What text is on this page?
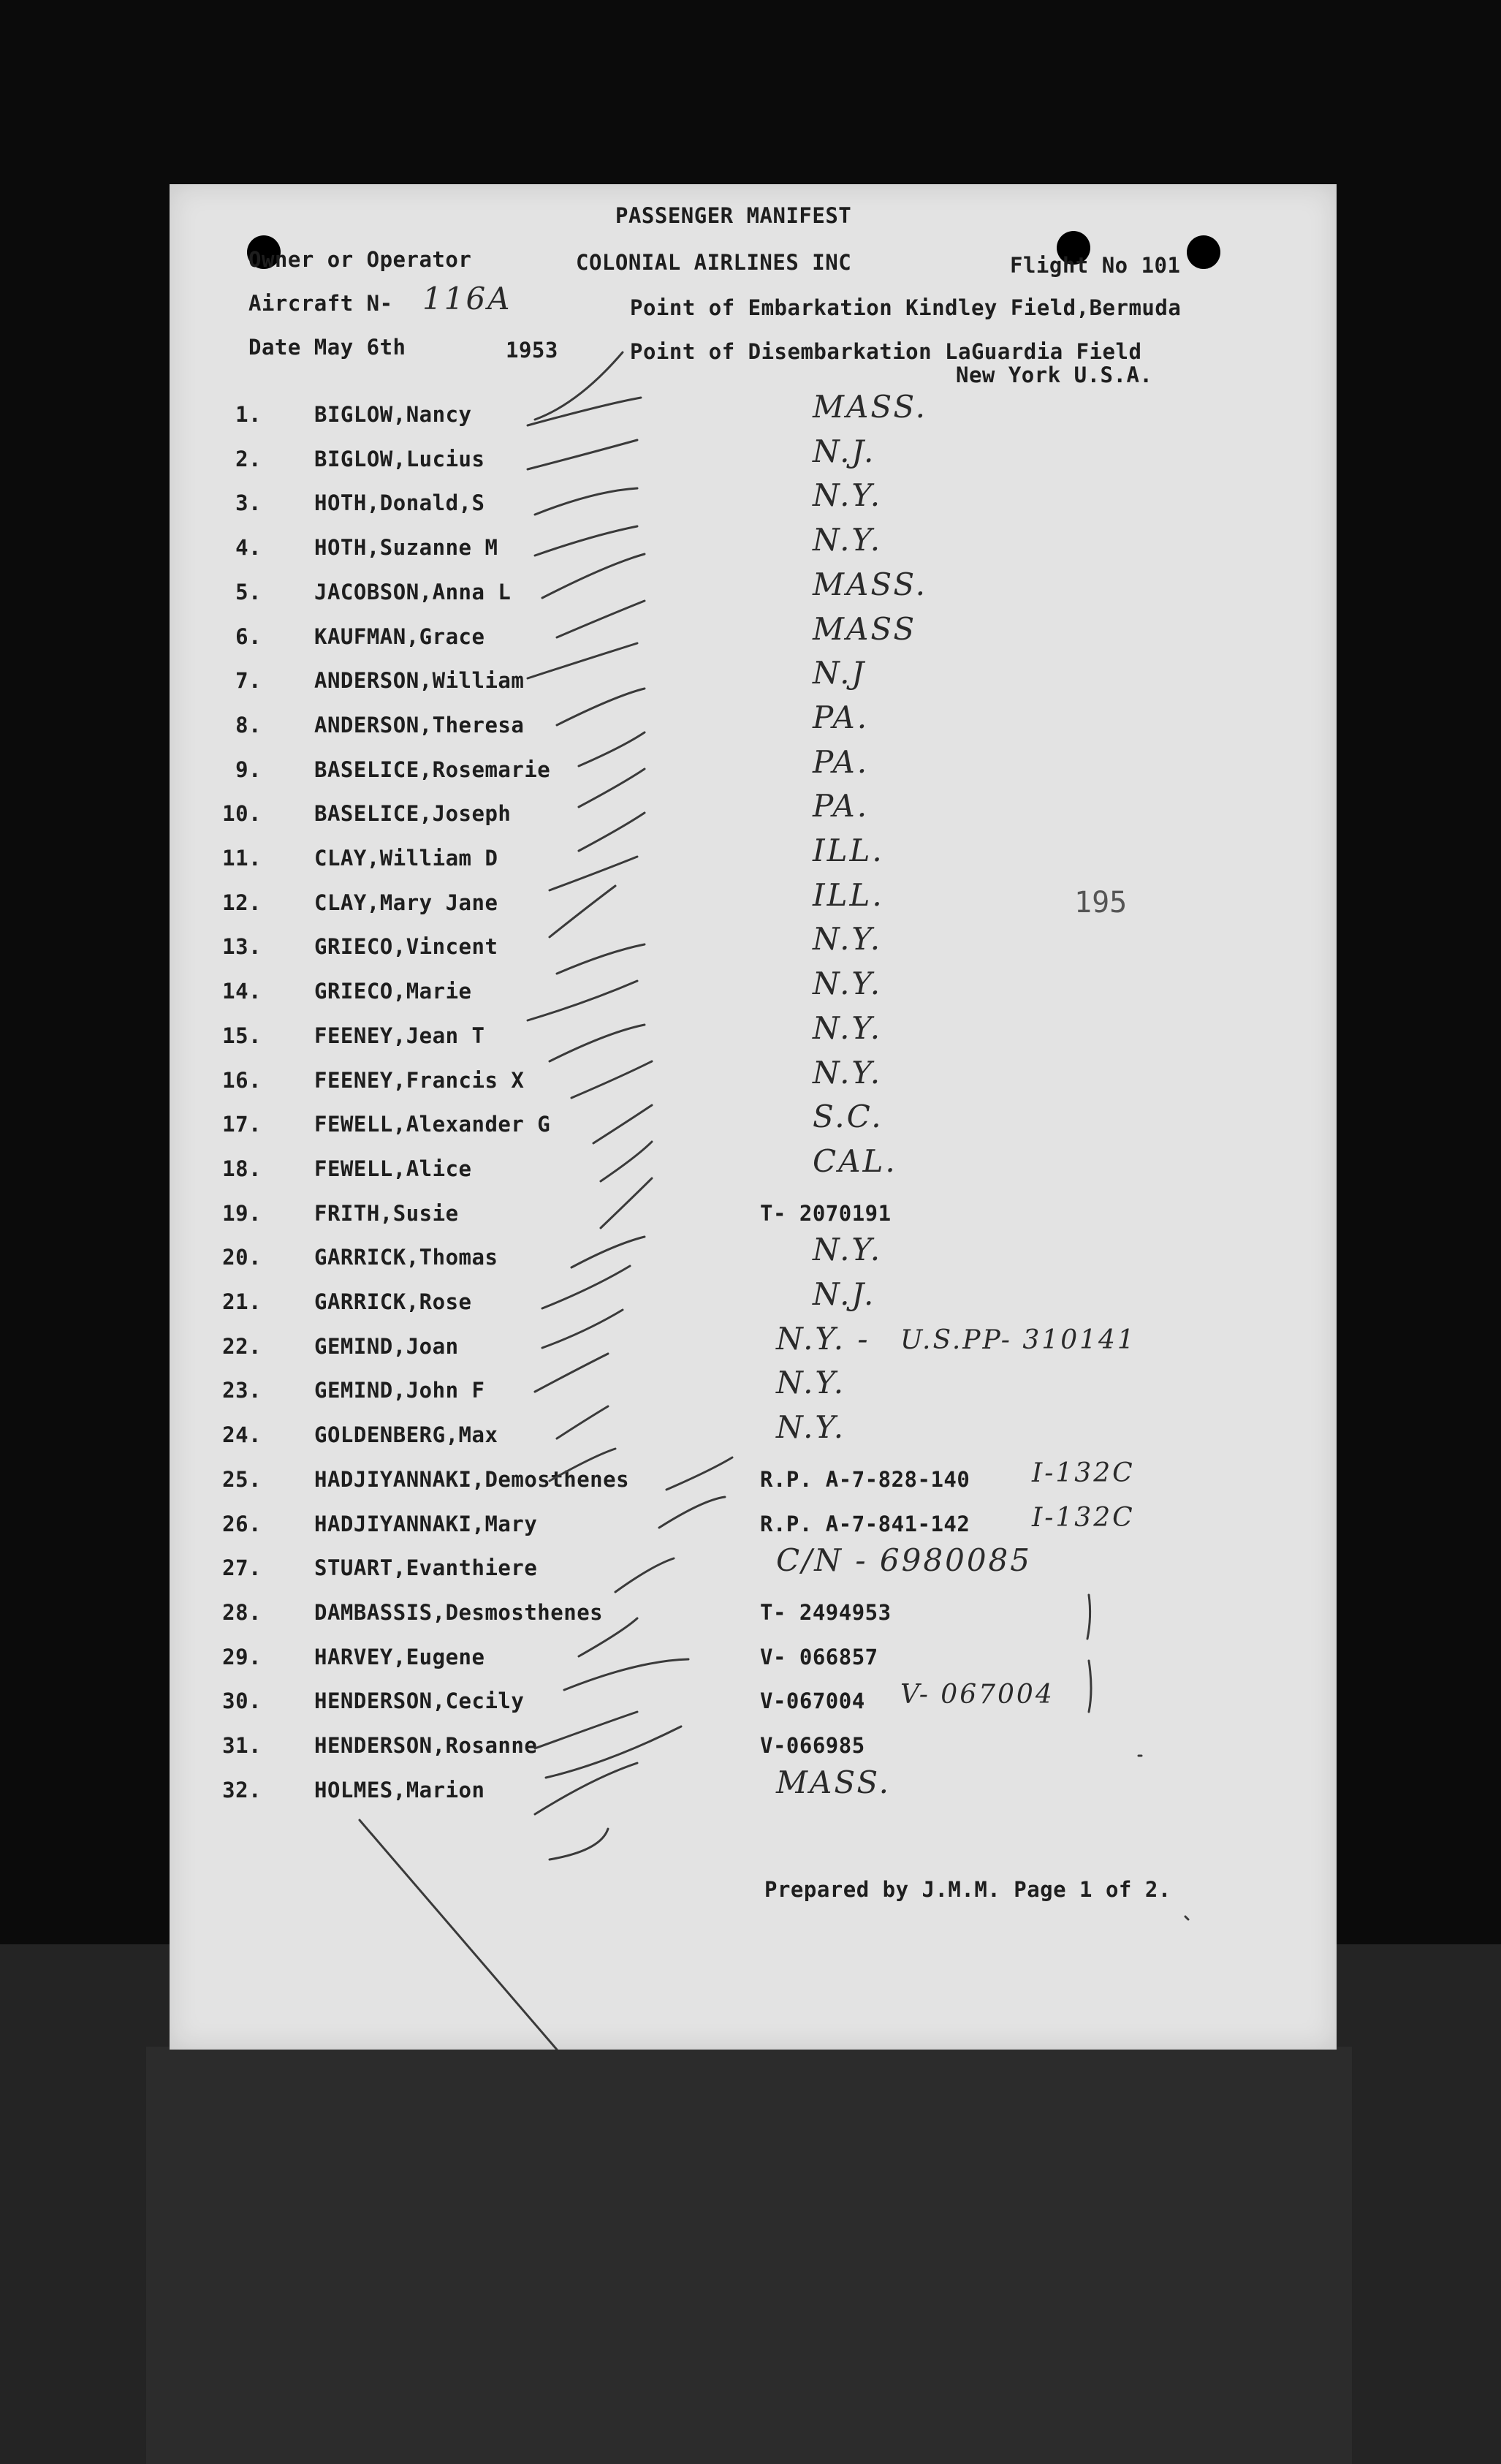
PASSENGER MANIFEST
Owner or Operator	COLONIAL AIRLINES INC	Flight No 101
Aircraft N- 116A	Point of Embarkation Kindley Field,Bermuda
Date May 6th	1953	Point of Disembarkation LaGuardia Field
New York U.S.A.
195
1. BIGLOW,Nancy	MASS.
2. BIGLOW,Lucius	N.J.
3. HOTH,Donald,S	N.Y.
4. HOTH,Suzanne M	N.Y.
5. JACOBSON,Anna L	MASS.
6. KAUFMAN,Grace	MASS
7. ANDERSON,William	N.J
8. ANDERSON,Theresa	PA.
9. BASELICE,Rosemarie	PA.
10. BASELICE,Joseph	PA.
11. CLAY,William D	ILL.
12. CLAY,Mary Jane	ILL.
13. GRIECO,Vincent	N.Y.
14. GRIECO,Marie	N.Y.
15. FEENEY,Jean T	N.Y.
16. FEENEY,Francis X	N.Y.
17. FEWELL,Alexander G	S.C.
18. FEWELL,Alice	CAL.
19. FRITH,Susie	T- 2070191
20. GARRICK,Thomas	N.Y.
21. GARRICK,Rose	N.J.
22. GEMIND,Joan	N.Y. - U.S.PP- 310141
23. GEMIND,John F	N.Y.
24. GOLDENBERG,Max	N.Y.
25. HADJIYANNAKI,Demosthenes	R.P. A-7-828-140 I-132C
26. HADJIYANNAKI,Mary	R.P. A-7-841-142 I-132C
27. STUART,Evanthiere	C/N - 6980085
28. DAMBASSIS,Desmosthenes	T- 2494953
29. HARVEY,Eugene	V- 066857
30. HENDERSON,Cecily	V-067004 V- 067004
31. HENDERSON,Rosanne	V-066985
32. HOLMES,Marion	MASS.
Prepared by J.M.M. Page 1 of 2.
